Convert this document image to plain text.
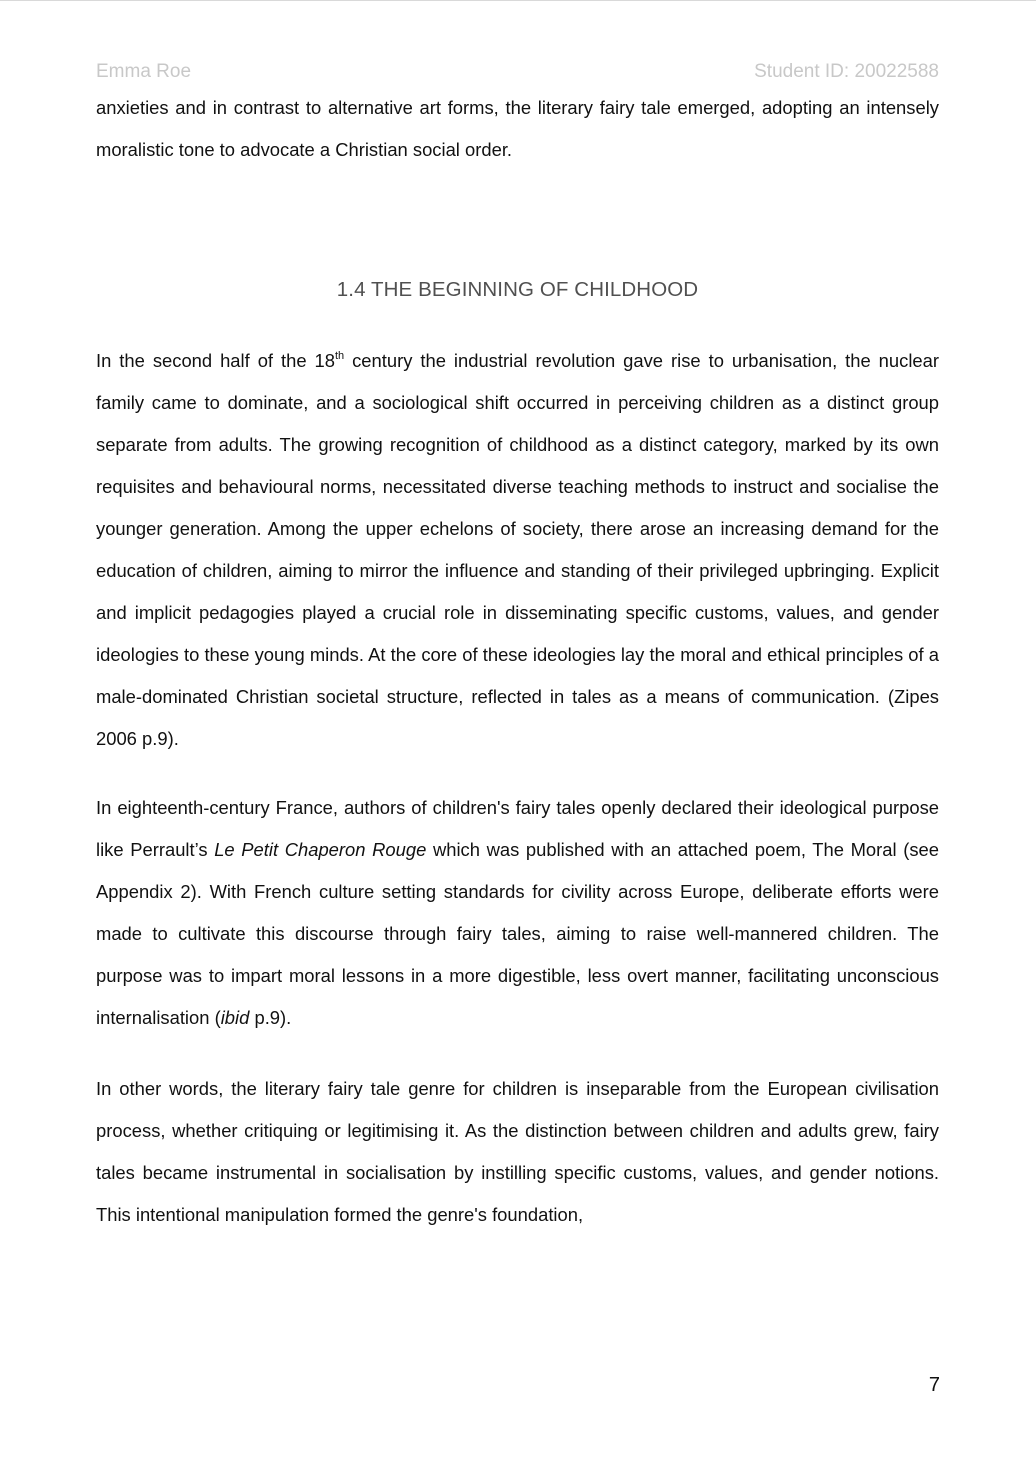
Emma Roe	Student ID: 20022588

anxieties and in contrast to alternative art forms, the literary fairy tale emerged, adopting an intensely moralistic tone to advocate a Christian social order.

1.4 THE BEGINNING OF CHILDHOOD

In the second half of the 18th century the industrial revolution gave rise to urbanisation, the nuclear family came to dominate, and a sociological shift occurred in perceiving children as a distinct group separate from adults. The growing recognition of childhood as a distinct category, marked by its own requisites and behavioural norms, necessitated diverse teaching methods to instruct and socialise the younger generation. Among the upper echelons of society, there arose an increasing demand for the education of children, aiming to mirror the influence and standing of their privileged upbringing. Explicit and implicit pedagogies played a crucial role in disseminating specific customs, values, and gender ideologies to these young minds. At the core of these ideologies lay the moral and ethical principles of a male-dominated Christian societal structure, reflected in tales as a means of communication. (Zipes 2006 p.9).

In eighteenth-century France, authors of children's fairy tales openly declared their ideological purpose like Perrault’s Le Petit Chaperon Rouge which was published with an attached poem, The Moral (see Appendix 2). With French culture setting standards for civility across Europe, deliberate efforts were made to cultivate this discourse through fairy tales, aiming to raise well-mannered children. The purpose was to impart moral lessons in a more digestible, less overt manner, facilitating unconscious internalisation (ibid p.9).

In other words, the literary fairy tale genre for children is inseparable from the European civilisation process, whether critiquing or legitimising it. As the distinction between children and adults grew, fairy tales became instrumental in socialisation by instilling specific customs, values, and gender notions. This intentional manipulation formed the genre's foundation,

7
